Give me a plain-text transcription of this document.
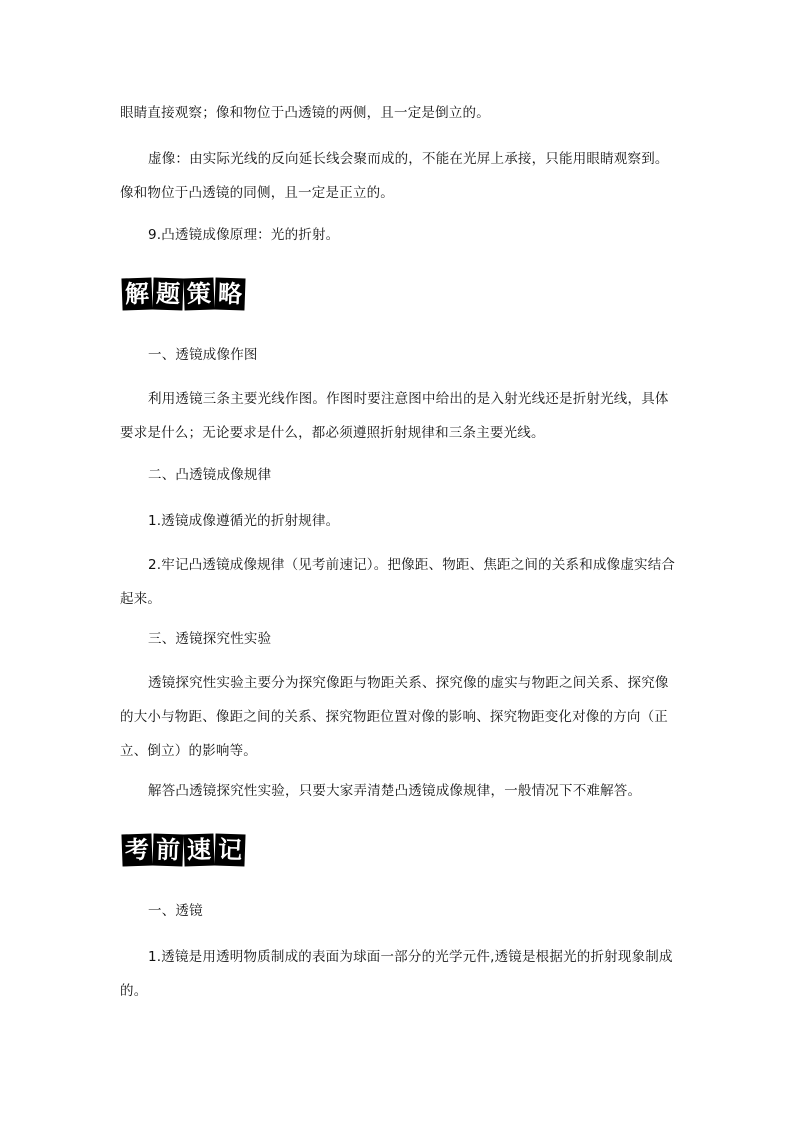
眼睛直接观察；像和物位于凸透镜的两侧，且一定是倒立的。

虚像：由实际光线的反向延长线会聚而成的，不能在光屏上承接，只能用眼睛观察到。像和物位于凸透镜的同侧，且一定是正立的。

9.凸透镜成像原理：光的折射。

解 题 策 略

一、透镜成像作图

利用透镜三条主要光线作图。作图时要注意图中给出的是入射光线还是折射光线，具体要求是什么；无论要求是什么，都必须遵照折射规律和三条主要光线。

二、凸透镜成像规律

1.透镜成像遵循光的折射规律。

2.牢记凸透镜成像规律（见考前速记）。把像距、物距、焦距之间的关系和成像虚实结合起来。

三、透镜探究性实验

透镜探究性实验主要分为探究像距与物距关系、探究像的虚实与物距之间关系、探究像的大小与物距、像距之间的关系、探究物距位置对像的影响、探究物距变化对像的方向（正立、倒立）的影响等。

解答凸透镜探究性实验，只要大家弄清楚凸透镜成像规律，一般情况下不难解答。

考 前 速 记

一、透镜

1.透镜是用透明物质制成的表面为球面一部分的光学元件,透镜是根据光的折射现象制成的。
